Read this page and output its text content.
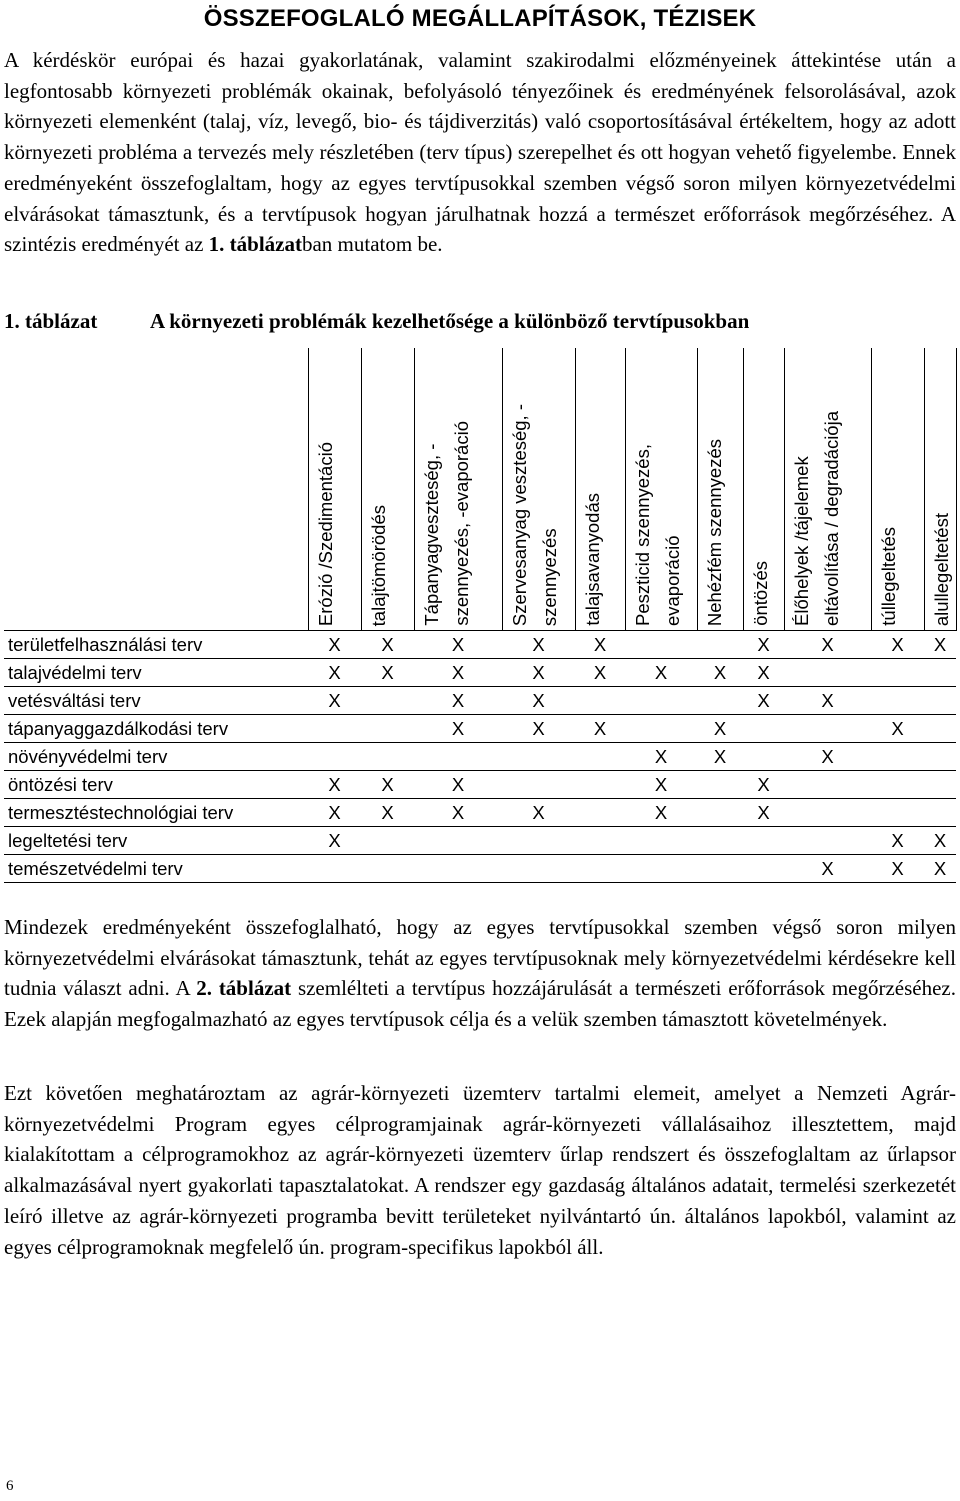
ÖSSZEFOGLALÓ MEGÁLLAPÍTÁSOK, TÉZISEK
A kérdéskör európai és hazai gyakorlatának, valamint szakirodalmi előzményeinek áttekintése után a legfontosabb környezeti problémák okainak, befolyásoló tényezőinek és eredményének felsorolásával, azok környezeti elemenként (talaj, víz, levegő, bio- és tájdiverzitás) való csoportosításával értékeltem, hogy az adott környezeti probléma a tervezés mely részletében (terv típus) szerepelhet és ott hogyan vehető figyelembe. Ennek eredményeként összefoglaltam, hogy az egyes tervtípusokkal szemben végső soron milyen környezetvédelmi elvárásokat támasztunk, és a tervtípusok hogyan járulhatnak hozzá a természet erőforrások megőrzéséhez. A szintézis eredményét az 1. táblázatban mutatom be.
1. táblázat	A környezeti problémák kezelhetősége a különböző tervtípusokban

	Erózió /Szedimentáció	talajtömörödés	Tápanyagveszteség, -
szennyezés, -evaporáció	Szervesanyag veszteség, -
szennyezés	talajsavanyodás	Peszticid szennyezés,
evaporáció	Nehézfém szennyezés	öntözés	Élőhelyek /tájelemek
eltávolítása / degradációja	túllegeltetés	alullegeltetést

területfelhasználási terv	X	X	X	X	X			X	X	X	X
talajvédelmi terv	X	X	X	X	X	X	X	X			
vetésváltási terv	X		X	X				X	X		
tápanyaggazdálkodási terv			X	X	X		X			X	
növényvédelmi terv						X	X		X		
öntözési terv	X	X	X			X		X			
termesztéstechnológiai terv	X	X	X	X		X		X			
legeltetési terv	X									X	X
temészetvédelmi terv									X	X	X
Mindezek eredményeként összefoglalható, hogy az egyes tervtípusokkal szemben végső soron milyen környezetvédelmi elvárásokat támasztunk, tehát az egyes tervtípusoknak mely környezetvédelmi kérdésekre kell tudnia választ adni. A 2. táblázat szemlélteti a tervtípus hozzájárulását a természeti erőforrások megőrzéséhez. Ezek alapján megfogalmazható az egyes tervtípusok célja és a velük szemben támasztott követelmények.
Ezt követően meghatároztam az agrár-környezeti üzemterv tartalmi elemeit, amelyet a Nemzeti Agrár-környezetvédelmi Program egyes célprogramjainak agrár-környezeti vállalásaihoz illesztettem, majd kialakítottam a célprogramokhoz az agrár-környezeti üzemterv űrlap rendszert és összefoglaltam az űrlapsor alkalmazásával nyert gyakorlati tapasztalatokat. A rendszer egy gazdaság általános adatait, termelési szerkezetét leíró illetve az agrár-környezeti programba bevitt területeket nyilvántartó ún. általános lapokból, valamint az egyes célprogramoknak megfelelő ún. program-specifikus lapokból áll.
6
